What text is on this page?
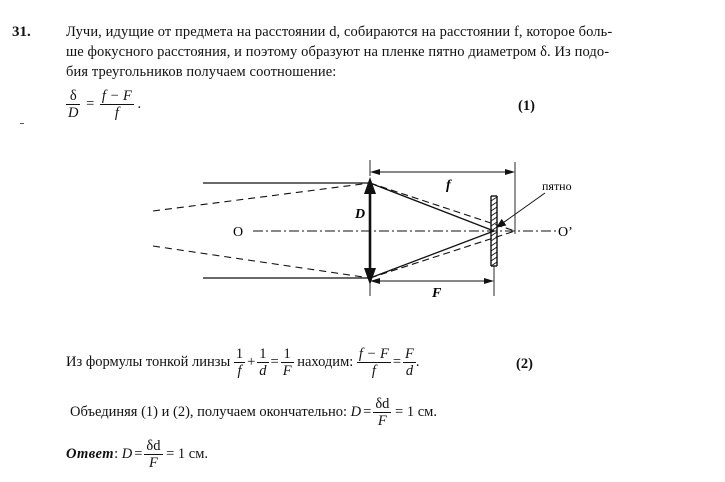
31. Лучи, идущие от предмета на расстоянии d, собираются на расстоянии f, которое боль-
ше фокусного расстояния, и поэтому образуют на пленке пятно диаметром δ. Из подо-
бия треугольников получаем соотношение:
$\frac{\delta}{D} = \frac{f - F}{f}$ .	(1)
D
f
F
O	O’
пятно
Из формулы тонкой линзы $\frac{1}{f} + \frac{1}{d} = \frac{1}{F}$ находим: $\frac{f - F}{f} = \frac{F}{d}$ .	(2)
Объединяя (1) и (2), получаем окончательно: $D = \frac{\delta d}{F} = 1$ см.
Ответ: $D = \frac{\delta d}{F} = 1$ см.
